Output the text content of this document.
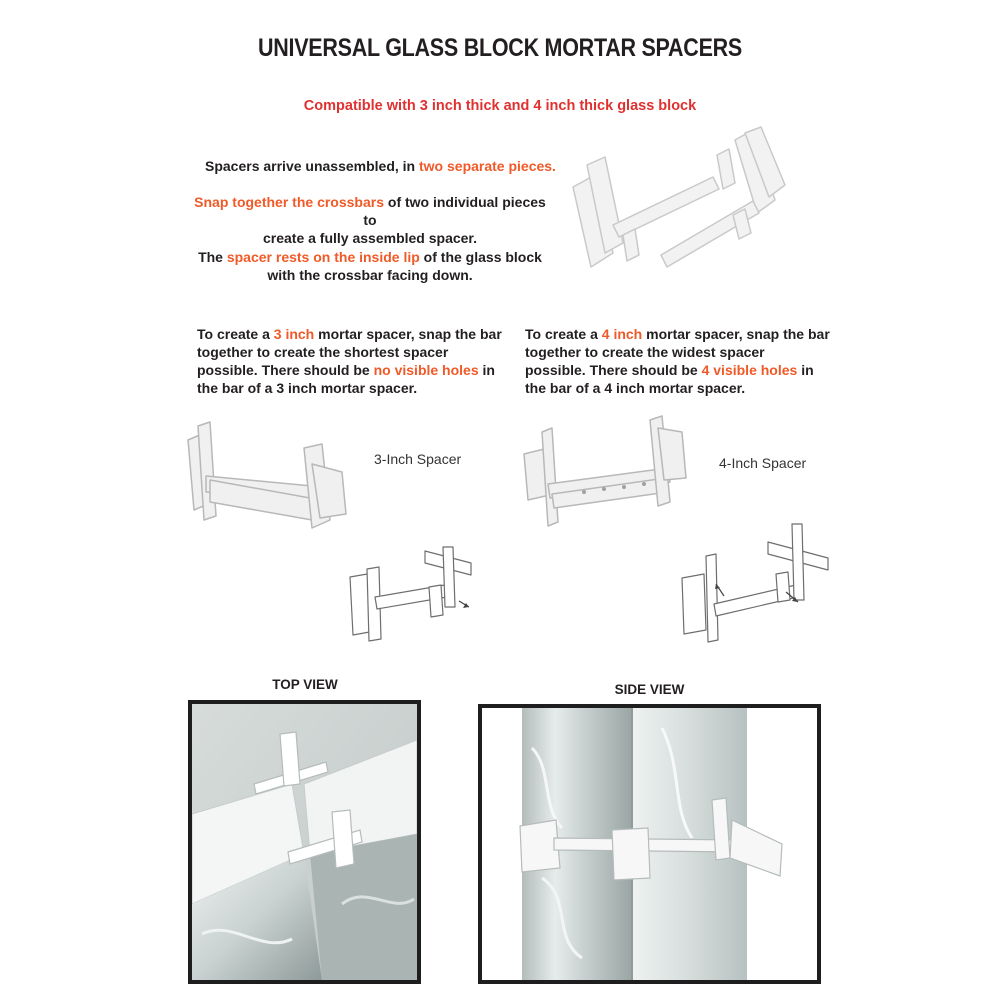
UNIVERSAL GLASS BLOCK MORTAR SPACERS
Compatible with 3 inch thick and 4 inch thick glass block
Spacers arrive unassembled, in two separate pieces.
Snap together the crossbars of two individual pieces to
create a fully assembled spacer.
The spacer rests on the inside lip of the glass block
with the crossbar facing down.
To create a 3 inch mortar spacer, snap the bar
together to create the shortest spacer
possible. There should be no visible holes in
the bar of a 3 inch mortar spacer.
To create a 4 inch mortar spacer, snap the bar
together to create the widest spacer
possible. There should be 4 visible holes in
the bar of a 4 inch mortar spacer.
3-Inch Spacer	4-Inch Spacer
TOP VIEW	SIDE VIEW
